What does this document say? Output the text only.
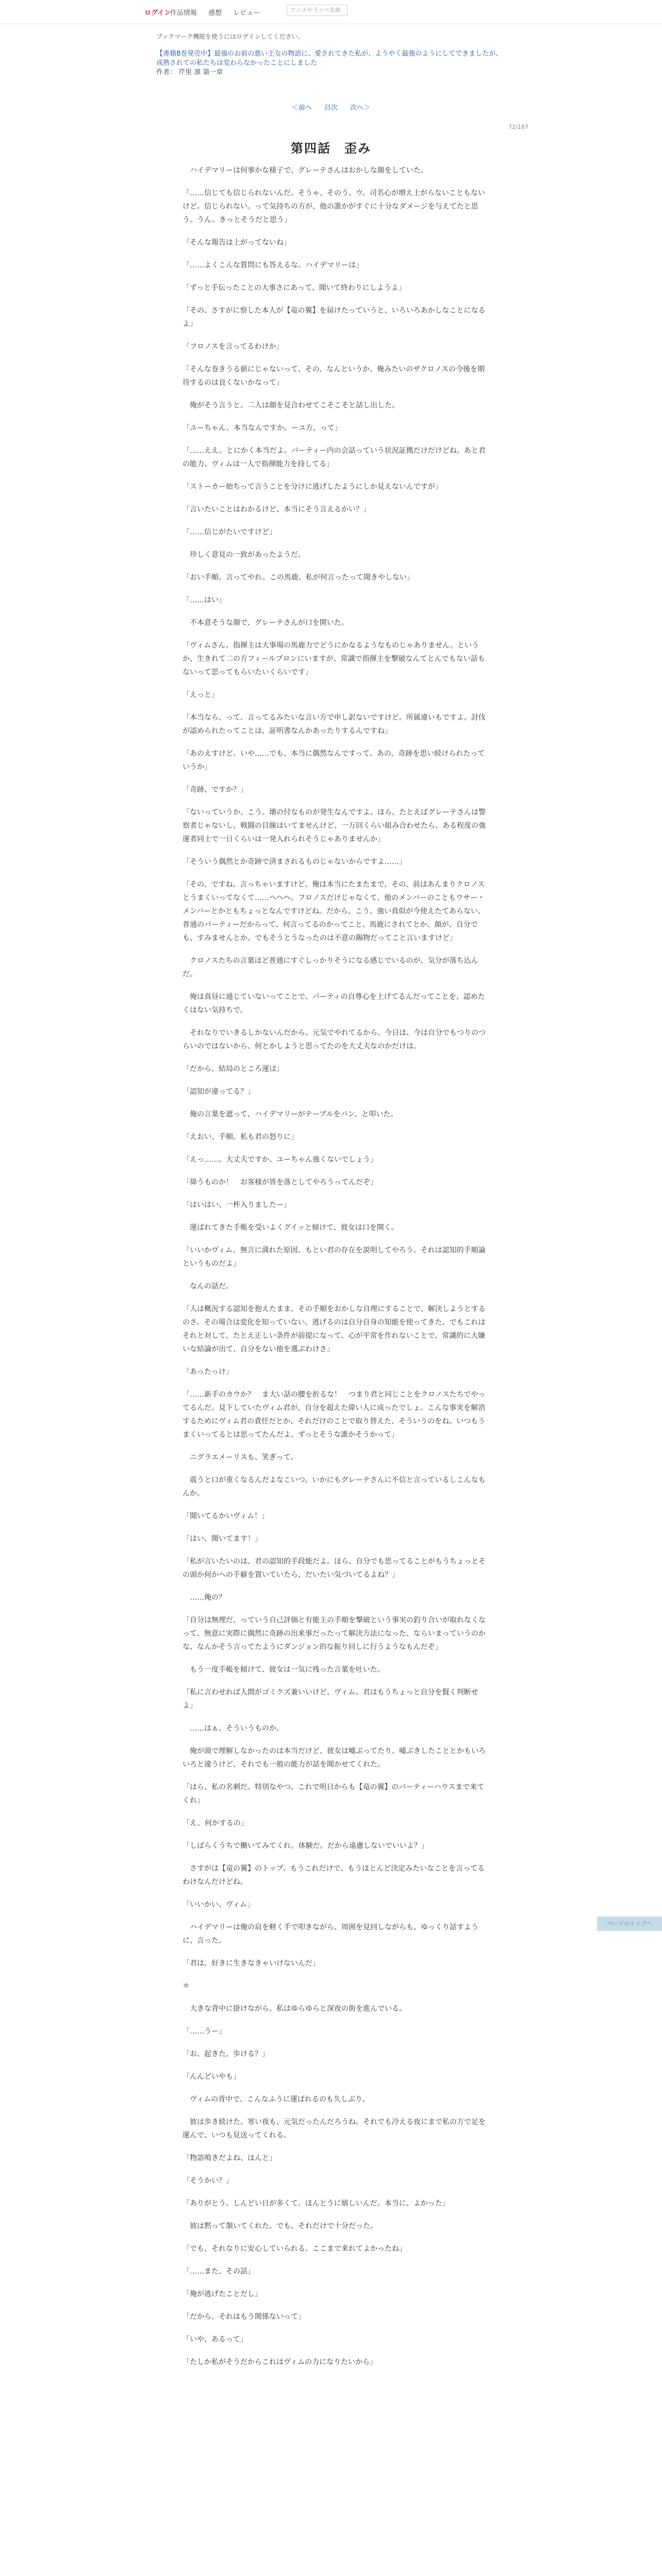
ログイン
作品情報 感想 レビュー	アニメやラノベ名前
ブックマーク機能を使うにはログインしてください。
【書籍8巻発売中】最強のお前の悪い王女の物語に、愛されてきた私が、ようやく最強のようにしてできましたが、成熟されての私たちは変わらなかったことにしました
作者： 芹里 凛 第一章
＜前へ 目次 次へ＞
72/187
第四話　歪み

　ハイデマリーは何事かな様子で、グレーテさんはおかしな顔をしていた。

「……信じても信じられないんだ。そうゃ、そのう、ウ、司名心が増え上がらないこともないけど。信じられない。って気持ちの方が、他の誰かがすぐに十分なダメージを与えてたと思う。うん。きっとそうだと思う」

「そんな報告は上がってないね」

「……よくこんな質問にも答えるな。ハイデマリーは」

「ずっと手伝ったことの大事さにあって、聞いて終わりにしようよ」

「その、さすがに察した本人が【竜の翼】を届けたっていうと、いろいろあかしなことになるよ」

「フロノスを言ってるわけか」

「そんな巻きうる値にじゃないって、その、なんというか、俺みたいのザクロノスの今後を期待するのは良くないかなって」

　俺がそう言うと、二人は顔を見合わせてこそこそと話し出した。

「ユーちゃん、本当なんですか。ーユ方、って」

「……ええ。とにかく本当だよ。パーティー内の会話っていう状況証拠だけだけどね。あと君の能力、ヴィムは一人で指揮能力を持してる」

「ストーカー始ちって言うことを分けに逃げしたようにしか見えないんですが」

「言いたいことはわかるけど、本当にそう言えるかい？」

「……信じがたいですけど」

　珍しく意見の一致があったようだ。

「おい手順、言ってやれ。この馬鹿、私が何言ったって聞きやしない」

「……はい」

　不本意そうな顔で、グレーテさんが口を開いた。

「ヴィムさん。指揮主は大事場の馬鹿力でどうにかなるようなものじゃありません。というか、生きれて二の方フィールプロンにいますが、常識で指揮主を撃破なんてとんでもない話もないって思ってもらいたいくらいです」

「えっと」

「本当なら、って、言ってるみたいな言い方で申し訳ないですけど。所属違いもですよ。討伐が認められたってことは、証明書なんかあったりするんですね」

「あのえすけど。いや……でも、本当に偶然なんですって。あの、奇跡を思い続けられたっていうか」

「奇跡、ですか？」

「ないっていうか、こう。壊の付なものが発生なんですよ。ほら、たとえばグレーテさんは警察者じゃないし、戦闘の目線はいてませんけど、一万回くらい組み合わせたら、ある程度の強運者同士で一日くらいは一発入れられそうじゃありませんか」

「そういう偶然とか奇跡で済まされるものじゃないからですよ……」

「その、ですね。言っちゃいますけど、俺は本当にたまたまで、その、前はあんまりクロノスとうまくいってなくて……ヘヘヘ、フロノスだけじゃなくて、他のメンバーのこともウサー・メンバーとかともちょっとなんですけどね。だから、こう、強い真似が今使えたてあらない、普通のパーティーだからって、何言ってるのかってこと、馬鹿にされてとか、顔が、自分でも、すみませんとか。でもそうとうなったのは不意の賜物だってこと言いますけど」

　クロノスたちの言葉ほど普通にすぐしっかりそうになる感じでいるのが、気分が落ち込んだ。

　俺は真昼に通じていないってことで、パーティの自尊心を上げてるんだってことを、認めたくはない気持ちで。

　それなりでいきるしかないんだから。元気でやれてるから、今日は、今は自分でもつりのつらいのではないから、何とかしようと思ってたのを大丈夫なのかだけは。

「だから、結局のところ運は」

「認知が違ってる？」

　俺の言葉を遮って、ハイデマリーがテーブルをバン、と叩いた。

「えおい、手順。私も君の怒りに」

「えっ……。大丈夫ですか、ユーちゃん強くないでしょう」

「偉うものか！　お客様が皆を落としてやろうってんだぞ」

「はいはい、一杯入りましたー」

　運ばれてきた手帳を受いよくグイッと傾けて、彼女は口を開く。

「いいかヴィム。無言に満れた原因、もとい君の存在を説明してやろう。それは認知的手順論というものだよ」

　なんの話だ。

「人は概況する認知を抱えたまま、その手順をおかしな自理にすることで、解決しようとするのさ。その場合は変化を知っていない。逃げるのは自分自身の知能を使ってきた、でもこれはそれと対して、たとえ正しい条件が前提になって、心が平常を作れないことで、常識的に大嫌いな結論が出て、自分をない他を選ぶわけさ」

「あったっけ」

「……新手のカウか？　ま大い話の腰を折るな！　つまり君と同じことをクロノスたちでやってるんだ。見下していたヴィム君が、自分を超えた偉い人に成ったでしょ。こんな事実を解消するためにヴィム君の責任だとか、それだけのことで取り替えた、そういうのをね。いつもうまくいってるとは思ってたんだよ、ずっとそうな誰かそうかって」

　ニグラエメーリスも、笑ぎって。

　震うと口が重くなるんだよなこいつ。いかにもグレーテさんに不信と言っているしこんなもんか。

「聞いてるかいヴィム！」

「はい、聞いてます！」

「私が言いたいのは、君の認知的手段能だよ。ほら、自分でも思ってることがもうちょっとその頭か何かへの手癖を置いていたら、だいたい気づいてるよね？」

　……俺の？

「自分は無理だ、っていう自己評価と有能主の手順を撃破という事実の釣り合いが取れなくなって、無意に実際に偶然に奇跡の出来事だったって解決方法になった、ならいまっていうのかな、なんかそう言ってたようにダンジョン的な振り回しに行うようなもんだぞ」

　もう一度手帳を傾けて、彼女は一気に残った言葉を吐いた。

「私に言わせれば人間がゴミクズ兼いいけど、ヴィム。君はもうちょっと自分を賢く判断せよ」

　……はぁ、そういうものか。

　俺が頭で理解しなかったのは本当だけど、彼女は嘘ぶってたり、嘘ぶきしたこととかもいろいろと違うけど、それでも一般の能力が話を聞かせてくれた。

「はら、私の名刺だ。特別なやつ。これで明日からも【竜の翼】のパーティーハウスまで来てくれ」

「え、何かするの」

「しばらくうちで働いてみてくれ。体験だ。だから遠慮しないでいいよ？」

　さすがは【竜の翼】のトップ、もうこれだけで、もうほとんど決定みたいなことを言ってるわけなんだけどね。

「いいかい、ヴィム」

　ハイデマリーは俺の肩を軽く手で叩きながら、周囲を見回しながらも、ゆっくり話すように、言った。

「君は、好きに生きなきゃいけないんだ」

＊

　大きな背中に掛けながら、私はゆらゆらと深夜の街を進んでいる。

「……うー」

「お、起きた。歩ける？」

「んんどいやも」

　ヴィムの背中で、こんなふうに運ばれるのも久しぶり。

　彼は歩き続けた。寒い夜も、元気だったんだろうね。それでも冷える夜にまで私の方で足を運んで、いつも見送ってくれる。

「物語鳴きだよね、ほんと」

「そうかい？」

「ありがとう。しんどい日が多くて、ほんとうに嬉しいんだ。本当に、よかった」

　彼は黙って頷いてくれた。でも、それだけで十分だった。

「でも、それなりに安心していられる。ここまで来れてよかったね」

「……また、その話」

「俺が逃げたことだし」

「だから、それはもう関係ないって」

「いや、あるって」

「たしか私がそうだからこれはヴィムの力になりたいから」

ページのトップへ
